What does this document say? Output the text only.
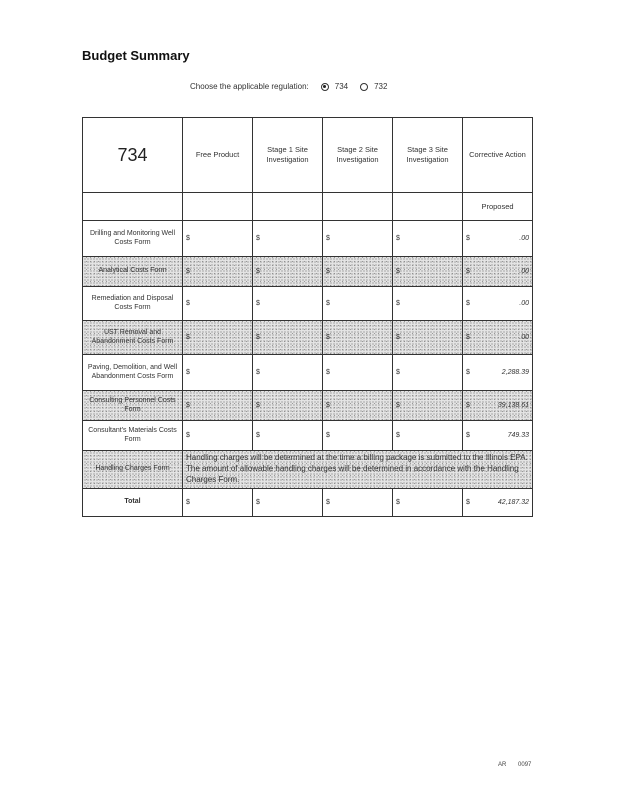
Budget Summary
Choose the applicable regulation:	734	732
734	Free Product	Stage 1 Site Investigation	Stage 2 Site Investigation	Stage 3 Site Investigation	Corrective Action
					Proposed
Drilling and Monitoring Well Costs Form	$	$	$	$	$ .00

Analytical Costs Form	$	$	$	$	$ .00

Remediation and Disposal Costs Form	$	$	$	$	$ .00

UST Removal and Abandonment Costs Form	$	$	$	$	$ .00

Paving, Demolition, and Well Abandonment Costs Form	$	$	$	$	$ 2,288.39

Consulting Personnel Costs Form	$	$	$	$	$ 39,138.61

Consultant's Materials Costs Form	$	$	$	$	$ 749.33

Handling Charges Form	Handling charges will be determined at the time a billing package is submitted to the Illinois EPA. The amount of allowable handling charges will be determined in accordance with the Handling Charges Form.				
Total	$	$	$	$	$ 42,187.32
AR 0097
